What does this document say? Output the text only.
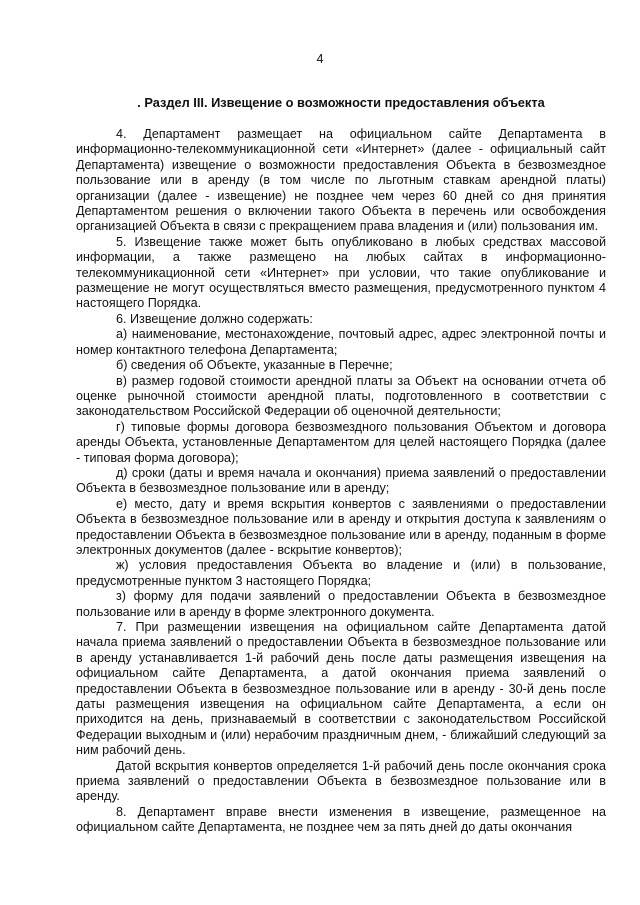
4
. Раздел III. Извещение о возможности предоставления объекта

4. Департамент размещает на официальном сайте Департамента в информационно-телекоммуникационной сети «Интернет» (далее - официальный сайт Департамента) извещение о возможности предоставления Объекта в безвозмездное пользование или в аренду (в том числе по льготным ставкам арендной платы) организации (далее - извещение) не позднее чем через 60 дней со дня принятия Департаментом решения о включении такого Объекта в перечень или освобождения организацией Объекта в связи с прекращением права владения и (или) пользования им.

5. Извещение также может быть опубликовано в любых средствах массовой информации, а также размещено на любых сайтах в информационно-телекоммуникационной сети «Интернет» при условии, что такие опубликование и размещение не могут осуществляться вместо размещения, предусмотренного пунктом 4 настоящего Порядка.

6. Извещение должно содержать:

а) наименование, местонахождение, почтовый адрес, адрес электронной почты и номер контактного телефона Департамента;

б) сведения об Объекте, указанные в Перечне;

в) размер годовой стоимости арендной платы за Объект на основании отчета об оценке рыночной стоимости арендной платы, подготовленного в соответствии с законодательством Российской Федерации об оценочной деятельности;

г) типовые формы договора безвозмездного пользования Объектом и договора аренды Объекта, установленные Департаментом для целей настоящего Порядка (далее - типовая форма договора);

д) сроки (даты и время начала и окончания) приема заявлений о предоставлении Объекта в безвозмездное пользование или в аренду;

е) место, дату и время вскрытия конвертов с заявлениями о предоставлении Объекта в безвозмездное пользование или в аренду и открытия доступа к заявлениям о предоставлении Объекта в безвозмездное пользование или в аренду, поданным в форме электронных документов (далее - вскрытие конвертов);

ж) условия предоставления Объекта во владение и (или) в пользование, предусмотренные пунктом 3 настоящего Порядка;

з) форму для подачи заявлений о предоставлении Объекта в безвозмездное пользование или в аренду в форме электронного документа.

7. При размещении извещения на официальном сайте Департамента датой начала приема заявлений о предоставлении Объекта в безвозмездное пользование или в аренду устанавливается 1-й рабочий день после даты размещения извещения на официальном сайте Департамента, а датой окончания приема заявлений о предоставлении Объекта в безвозмездное пользование или в аренду - 30-й день после даты размещения извещения на официальном сайте Департамента, а если он приходится на день, признаваемый в соответствии с законодательством Российской Федерации выходным и (или) нерабочим праздничным днем, - ближайший следующий за ним рабочий день.

Датой вскрытия конвертов определяется 1-й рабочий день после окончания срока приема заявлений о предоставлении Объекта в безвозмездное пользование или в аренду.

8. Департамент вправе внести изменения в извещение, размещенное на официальном сайте Департамента, не позднее чем за пять дней до даты окончания
